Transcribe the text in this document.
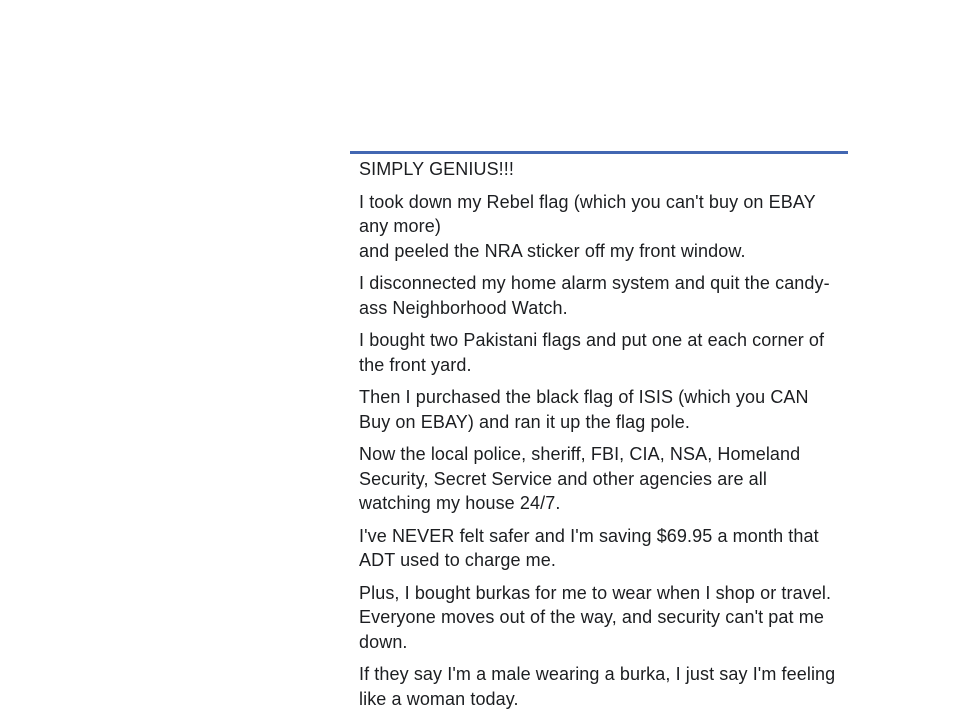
SIMPLY GENIUS!!!
I took down my Rebel flag (which you can't buy on EBAY any more)
and peeled the NRA sticker off my front window.
I disconnected my home alarm system and quit the candy-ass Neighborhood Watch.
I bought two Pakistani flags and put one at each corner of the front yard.
Then I purchased the black flag of ISIS (which you CAN Buy on EBAY) and ran it up the flag pole.
Now the local police, sheriff, FBI, CIA, NSA, Homeland Security, Secret Service and other agencies are all watching my house 24/7.
I've NEVER felt safer and I'm saving $69.95 a month that ADT used to charge me.
Plus, I bought burkas for me to wear when I shop or travel. Everyone moves out of the way, and security can't pat me down.
If they say I'm a male wearing a burka, I just say I'm feeling like a woman today.
